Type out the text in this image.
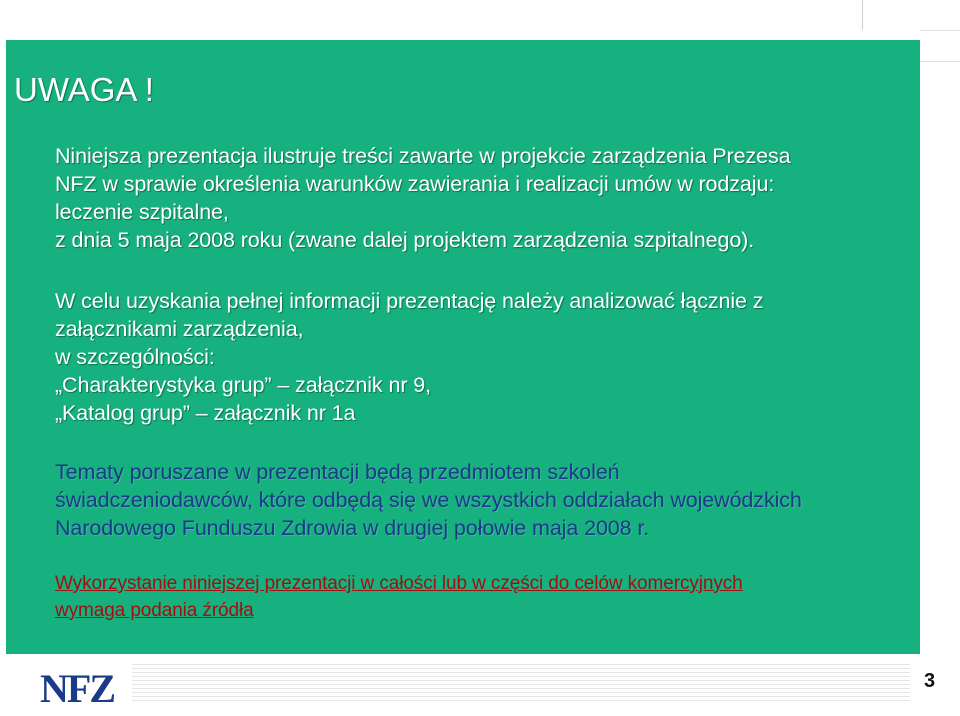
UWAGA !
Niniejsza prezentacja ilustruje treści zawarte w projekcie zarządzenia Prezesa
NFZ w sprawie określenia warunków zawierania i realizacji umów w rodzaju:
leczenie szpitalne,
z dnia 5 maja 2008 roku (zwane dalej projektem zarządzenia szpitalnego).
W celu uzyskania pełnej informacji prezentację należy analizować łącznie z
załącznikami zarządzenia,
w szczególności:
„Charakterystyka grup” – załącznik nr 9,
„Katalog grup” – załącznik nr 1a
Tematy poruszane w prezentacji będą przedmiotem szkoleń
świadczeniodawców, które odbędą się we wszystkich oddziałach wojewódzkich
Narodowego Funduszu Zdrowia w drugiej połowie maja 2008 r.
Wykorzystanie niniejszej prezentacji w całości lub w części do celów komercyjnych
wymaga podania źródła
NFZ	3
